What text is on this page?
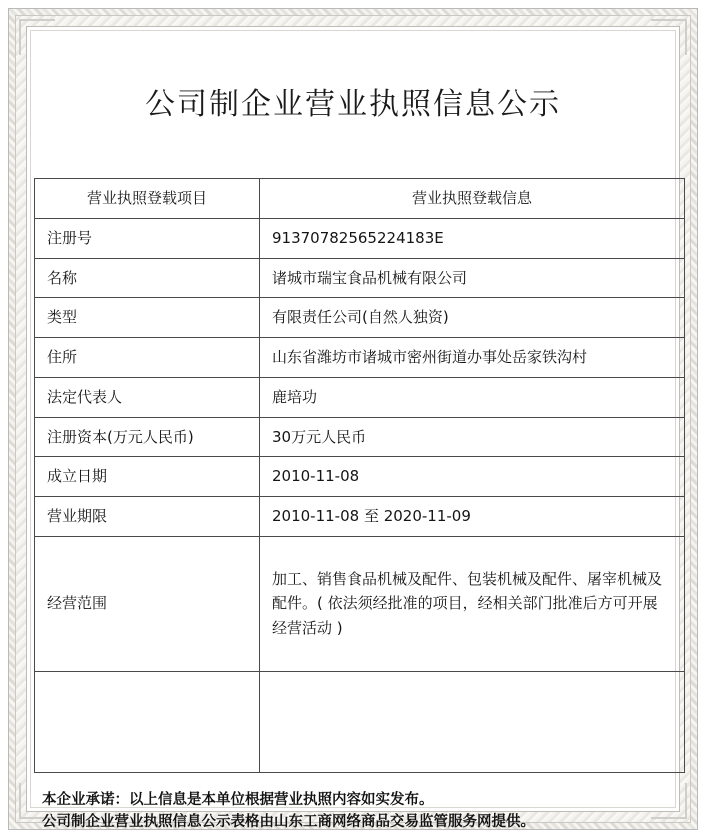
公司制企业营业执照信息公示
营业执照登载项目	营业执照登载信息
注册号	91370782565224183E
名称	诸城市瑞宝食品机械有限公司
类型	有限责任公司(自然人独资)
住所	山东省潍坊市诸城市密州街道办事处岳家铁沟村
法定代表人	鹿培功
注册资本(万元人民币)	30万元人民币
成立日期	2010-11-08
营业期限	2010-11-08 至 2020-11-09
经营范围	加工、销售食品机械及配件、包装机械及配件、屠宰机械及配件。( 依法须经批准的项目，经相关部门批准后方可开展经营活动 )

本企业承诺：以上信息是本单位根据营业执照内容如实发布。
公司制企业营业执照信息公示表格由山东工商网络商品交易监管服务网提供。
